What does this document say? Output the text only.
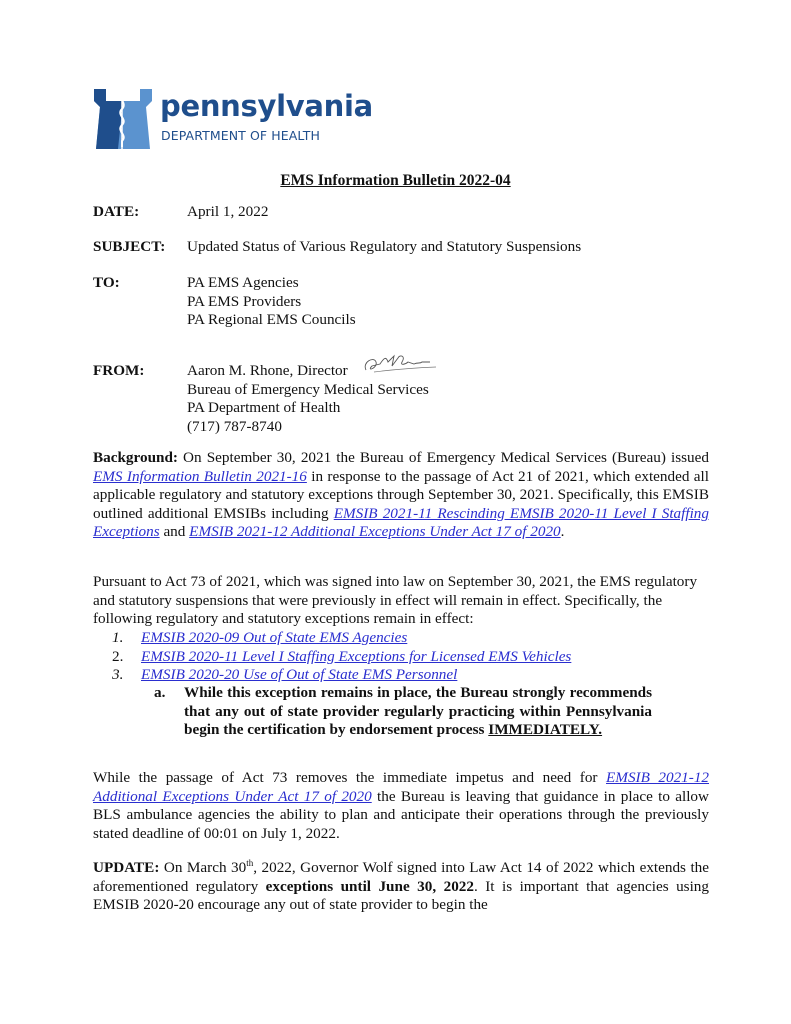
pennsylvania
DEPARTMENT OF HEALTH
EMS Information Bulletin 2022-04
DATE:	April 1, 2022
SUBJECT: Updated Status of Various Regulatory and Statutory Suspensions
TO:	PA EMS Agencies
PA EMS Providers
PA Regional EMS Councils
FROM:	Aaron M. Rhone, Director
Bureau of Emergency Medical Services
PA Department of Health
(717) 787-8740
Background: On September 30, 2021 the Bureau of Emergency Medical Services (Bureau) issued EMS Information Bulletin 2021-16 in response to the passage of Act 21 of 2021, which extended all applicable regulatory and statutory exceptions through September 30, 2021. Specifically, this EMSIB outlined additional EMSIBs including EMSIB 2021-11 Rescinding EMSIB 2020-11 Level I Staffing Exceptions and EMSIB 2021-12 Additional Exceptions Under Act 17 of 2020.
Pursuant to Act 73 of 2021, which was signed into law on September 30, 2021, the EMS regulatory and statutory suspensions that were previously in effect will remain in effect. Specifically, the following regulatory and statutory exceptions remain in effect:
1. EMSIB 2020-09 Out of State EMS Agencies
2. EMSIB 2020-11 Level I Staffing Exceptions for Licensed EMS Vehicles
3. EMSIB 2020-20 Use of Out of State EMS Personnel
a. While this exception remains in place, the Bureau strongly recommends that any out of state provider regularly practicing within Pennsylvania begin the certification by endorsement process IMMEDIATELY.
While the passage of Act 73 removes the immediate impetus and need for EMSIB 2021-12 Additional Exceptions Under Act 17 of 2020 the Bureau is leaving that guidance in place to allow BLS ambulance agencies the ability to plan and anticipate their operations through the previously stated deadline of 00:01 on July 1, 2022.
UPDATE: On March 30th, 2022, Governor Wolf signed into Law Act 14 of 2022 which extends the aforementioned regulatory exceptions until June 30, 2022. It is important that agencies using EMSIB 2020-20 encourage any out of state provider to begin the
